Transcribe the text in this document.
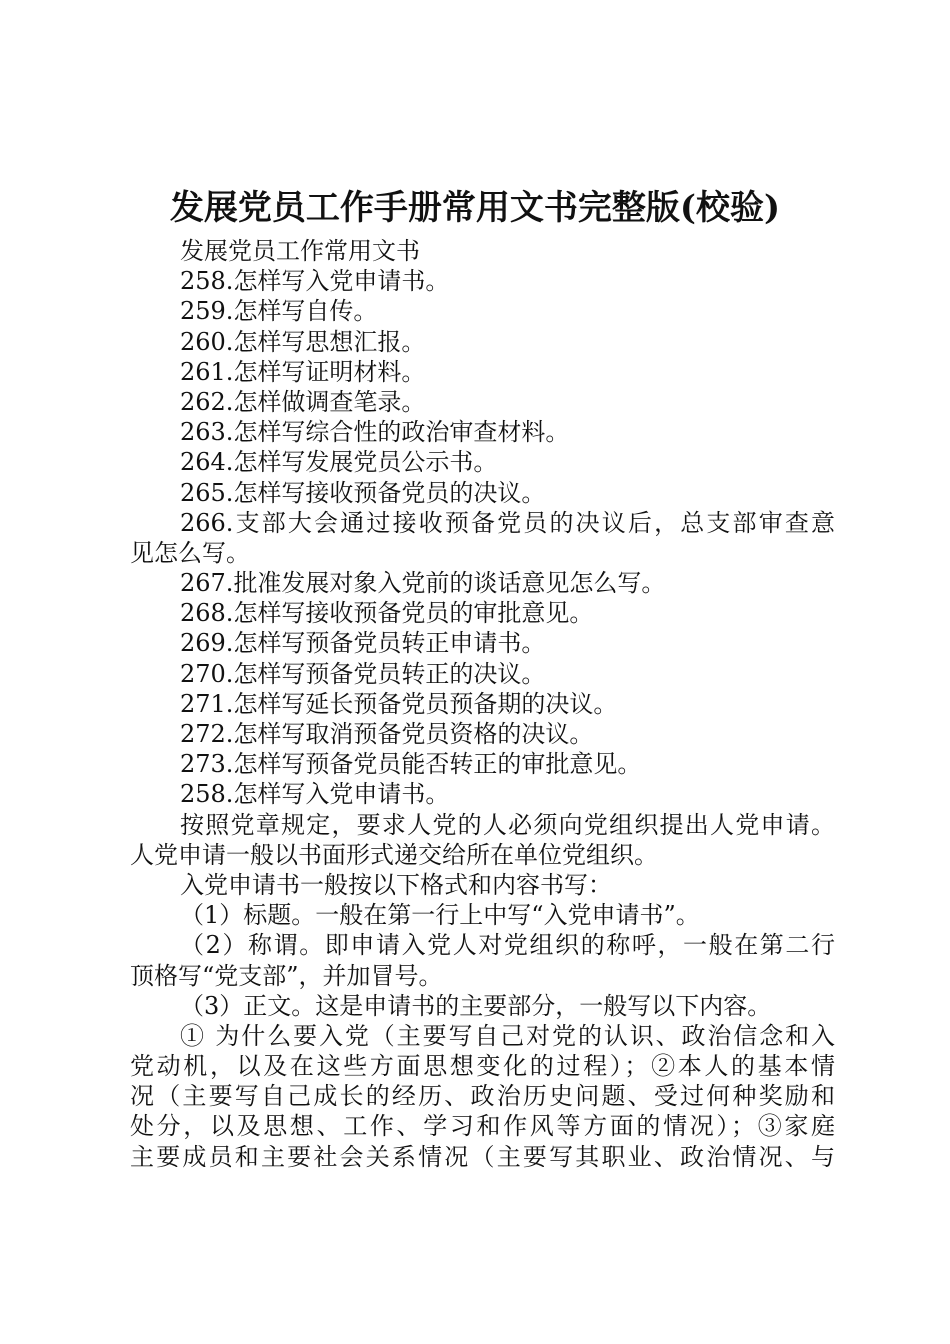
发展党员工作手册常用文书完整版(校验)
发展党员工作常用文书
258.怎样写入党申请书。
259.怎样写自传。
260.怎样写思想汇报。
261.怎样写证明材料。
262.怎样做调查笔录。
263.怎样写综合性的政治审查材料。
264.怎样写发展党员公示书。
265.怎样写接收预备党员的决议。
266.支部大会通过接收预备党员的决议后，总支部审查意
见怎么写。
267.批准发展对象入党前的谈话意见怎么写。
268.怎样写接收预备党员的审批意见。
269.怎样写预备党员转正申请书。
270.怎样写预备党员转正的决议。
271.怎样写延长预备党员预备期的决议。
272.怎样写取消预备党员资格的决议。
273.怎样写预备党员能否转正的审批意见。
258.怎样写入党申请书。
按照党章规定，要求人党的人必须向党组织提出人党申请。
人党申请一般以书面形式递交给所在单位党组织。
入党申请书一般按以下格式和内容书写：
（1）标题。一般在第一行上中写“入党申请书”。
（2）称谓。即申请入党人对党组织的称呼，一般在第二行
顶格写“党支部”，并加冒号。
（3）正文。这是申请书的主要部分，一般写以下内容。
① 为什么要入党（主要写自己对党的认识、政治信念和入
党动机，以及在这些方面思想变化的过程）；②本人的基本情
况（主要写自己成长的经历、政治历史问题、受过何种奖励和
处分，以及思想、工作、学习和作风等方面的情况）；③家庭
主要成员和主要社会关系情况（主要写其职业、政治情况、与
